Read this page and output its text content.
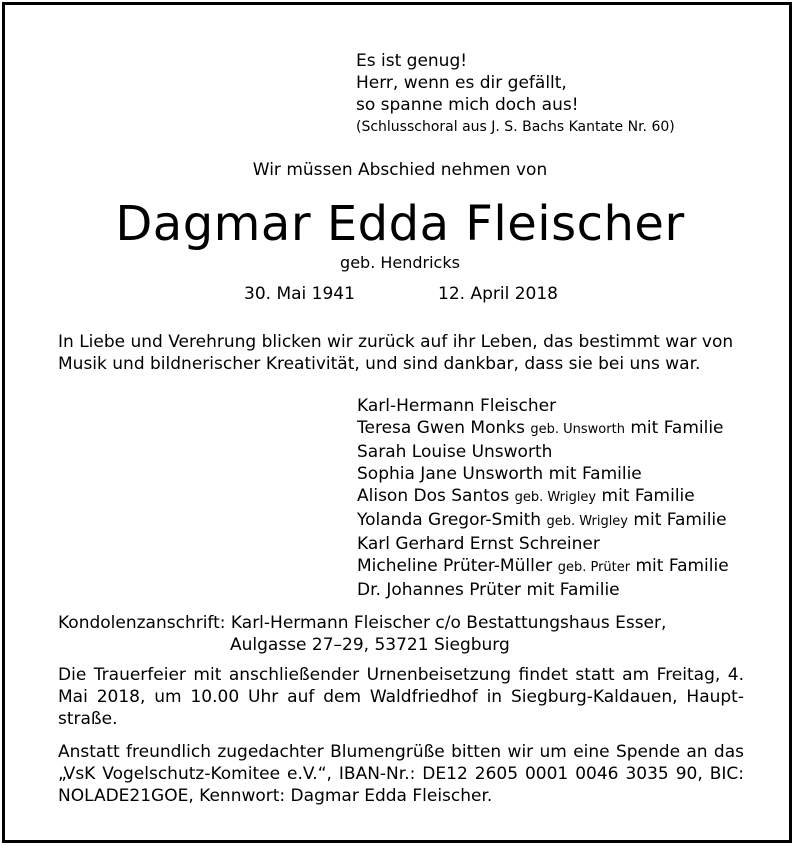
Es ist genug!
Herr, wenn es dir gefällt,
so spanne mich doch aus!
(Schlusschoral aus J. S. Bachs Kantate Nr. 60)
Wir müssen Abschied nehmen von
Dagmar Edda Fleischer
geb. Hendricks
30. Mai 1941	12. April 2018
In Liebe und Verehrung blicken wir zurück auf ihr Leben, das bestimmt war von
Musik und bildnerischer Kreativität, und sind dankbar, dass sie bei uns war.
Karl-Hermann Fleischer
Teresa Gwen Monks geb. Unsworth mit Familie
Sarah Louise Unsworth
Sophia Jane Unsworth mit Familie
Alison Dos Santos geb. Wrigley mit Familie
Yolanda Gregor-Smith geb. Wrigley mit Familie
Karl Gerhard Ernst Schreiner
Micheline Prüter-Müller geb. Prüter mit Familie
Dr. Johannes Prüter mit Familie
Kondolenzanschrift: Karl-Hermann Fleischer c/o Bestattungshaus Esser,
Aulgasse 27–29, 53721 Siegburg
Die Trauerfeier mit anschließender Urnenbeisetzung findet statt am Freitag, 4. Mai 2018, um 10.00 Uhr auf dem Waldfriedhof in Siegburg-Kaldauen, Hauptstraße.
Anstatt freundlich zugedachter Blumengrüße bitten wir um eine Spende an das „VsK Vogelschutz-Komitee e.V.“, IBAN-Nr.: DE12 2605 0001 0046 3035 90, BIC: NOLADE21GOE, Kennwort: Dagmar Edda Fleischer.
